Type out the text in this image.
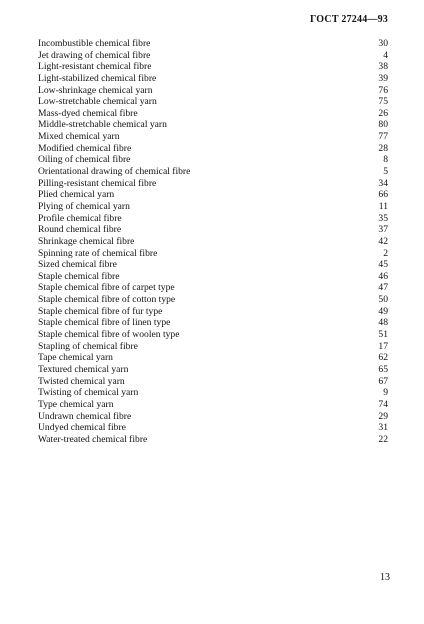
ГОСТ 27244—93
Incombustible chemical fibre	30
Jet drawing of chemical fibre	4
Light-resistant chemical fibre	38
Light-stabilized chemical fibre	39
Low-shrinkage chemical yarn	76
Low-stretchable chemical yarn	75
Mass-dyed chemical fibre	26
Middle-stretchable chemical yarn	80
Mixed chemical yarn	77
Modified chemical fibre	28
Oiling of chemical fibre	8
Orientational drawing of chemical fibre	5
Pilling-resistant chemical fibre	34
Plied chemical yarn	66
Plying of chemical yarn	11
Profile chemical fibre	35
Round chemical fibre	37
Shrinkage chemical fibre	42
Spinning rate of chemical fibre	2
Sized chemical fibre	45
Staple chemical fibre	46
Staple chemical fibre of carpet type	47
Staple chemical fibre of cotton type	50
Staple chemical fibre of fur type	49
Staple chemical fibre of linen type	48
Staple chemical fibre of woolen type	51
Stapling of chemical fibre	17
Tape chemical yarn	62
Textured chemical yarn	65
Twisted chemical yarn	67
Twisting of chemical yarn	9
Type chemical yarn	74
Undrawn chemical fibre	29
Undyed chemical fibre	31
Water-treated chemical fibre	22
13
